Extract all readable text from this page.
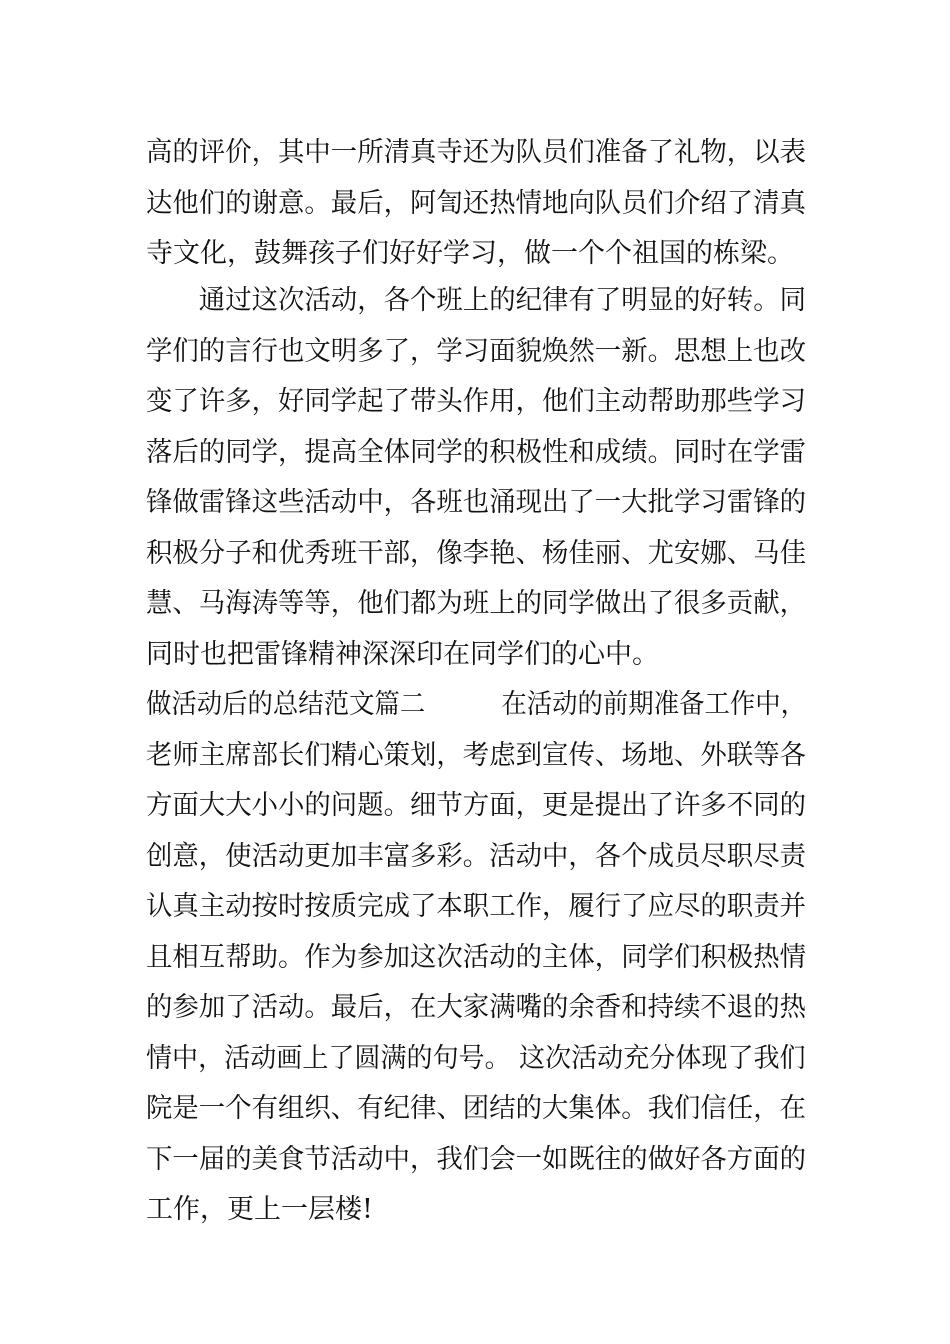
高的评价，其中一所清真寺还为队员们准备了礼物，以表
达他们的谢意。最后，阿訇还热情地向队员们介绍了清真
寺文化，鼓舞孩子们好好学习，做一个个祖国的栋梁。
　　通过这次活动，各个班上的纪律有了明显的好转。同
学们的言行也文明多了，学习面貌焕然一新。思想上也改
变了许多，好同学起了带头作用，他们主动帮助那些学习
落后的同学，提高全体同学的积极性和成绩。同时在学雷
锋做雷锋这些活动中，各班也涌现出了一大批学习雷锋的
积极分子和优秀班干部，像李艳、杨佳丽、尤安娜、马佳
慧、马海涛等等，他们都为班上的同学做出了很多贡献，
同时也把雷锋精神深深印在同学们的心中。
做活动后的总结范文篇二　　　在活动的前期准备工作中，
老师主席部长们精心策划，考虑到宣传、场地、外联等各
方面大大小小的问题。细节方面，更是提出了许多不同的
创意，使活动更加丰富多彩。活动中，各个成员尽职尽责
认真主动按时按质完成了本职工作，履行了应尽的职责并
且相互帮助。作为参加这次活动的主体，同学们积极热情
的参加了活动。最后，在大家满嘴的余香和持续不退的热
情中，活动画上了圆满的句号。 这次活动充分体现了我们
院是一个有组织、有纪律、团结的大集体。我们信任，在
下一届的美食节活动中，我们会一如既往的做好各方面的
工作，更上一层楼!
